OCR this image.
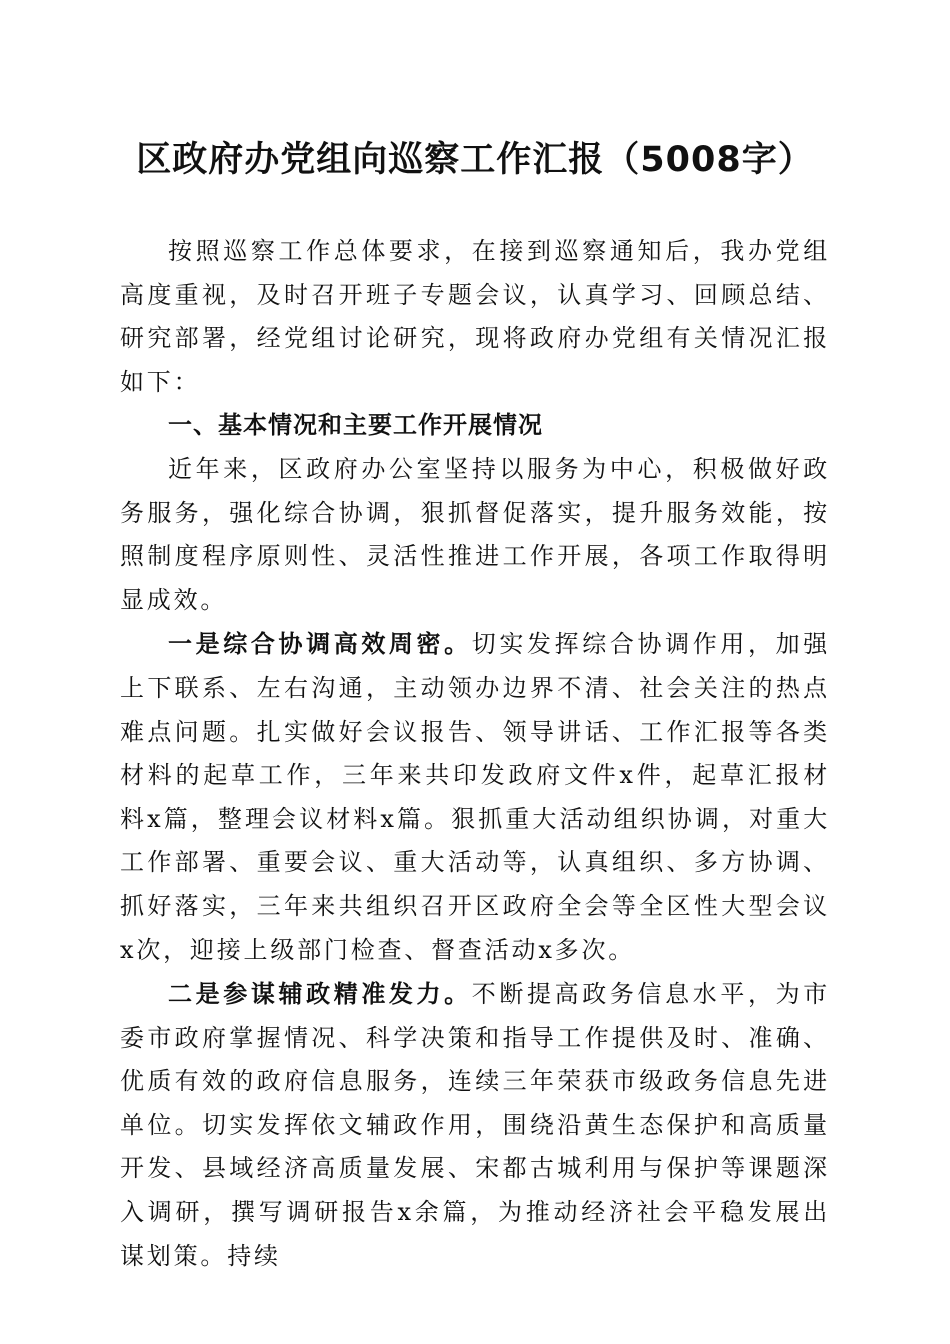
区政府办党组向巡察工作汇报（5008字）

按照巡察工作总体要求，在接到巡察通知后，我办党组高度重视，及时召开班子专题会议，认真学习、回顾总结、研究部署，经党组讨论研究，现将政府办党组有关情况汇报如下：

一、基本情况和主要工作开展情况

近年来，区政府办公室坚持以服务为中心，积极做好政务服务，强化综合协调，狠抓督促落实，提升服务效能，按照制度程序原则性、灵活性推进工作开展，各项工作取得明显成效。

一是综合协调高效周密。切实发挥综合协调作用，加强上下联系、左右沟通，主动领办边界不清、社会关注的热点难点问题。扎实做好会议报告、领导讲话、工作汇报等各类材料的起草工作，三年来共印发政府文件x件，起草汇报材料x篇，整理会议材料x篇。狠抓重大活动组织协调，对重大工作部署、重要会议、重大活动等，认真组织、多方协调、抓好落实，三年来共组织召开区政府全会等全区性大型会议x次，迎接上级部门检查、督查活动x多次。

二是参谋辅政精准发力。不断提高政务信息水平，为市委市政府掌握情况、科学决策和指导工作提供及时、准确、优质有效的政府信息服务，连续三年荣获市级政务信息先进单位。切实发挥依文辅政作用，围绕沿黄生态保护和高质量开发、县域经济高质量发展、宋都古城利用与保护等课题深入调研，撰写调研报告x余篇，为推动经济社会平稳发展出谋划策。持续
